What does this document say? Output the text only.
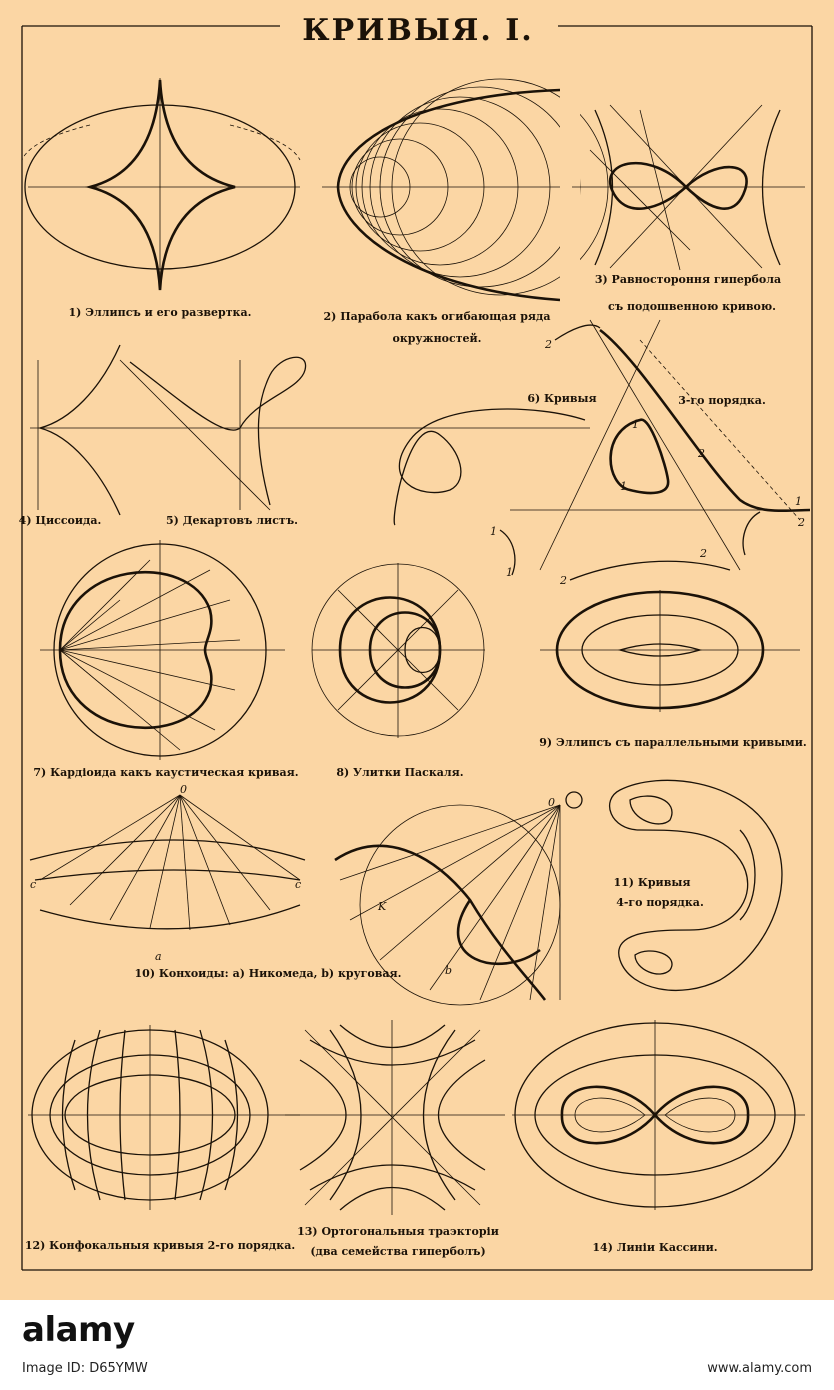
КРИВЫЯ. I.
1) Эллипсъ и его развертка.	2) Парабола какъ огибающая ряда
окружностей.
3) Равностороння гипербола
съ подошвенною кривою.
4) Циссоида.	5) Декартовъ листъ.
2
1
1
2
1
2
1
1
2
2
6) Кривыя	3-го порядка.
7) Кардіоида какъ каустическая кривая.	8) Улитки Паскаля.
9) Эллипсъ съ параллельными кривыми.
0
c	c
a
0
K
b
10) Конхоиды: а) Никомеда, b) круговая.
11) Кривыя
4-го порядка.
12) Конфокальныя кривыя 2-го порядка.
13) Ортогональныя траэкторіи
(два семейства гиперболъ)	14) Линіи Кассини.
alamy
Image ID: D65YMW	www.alamy.com
